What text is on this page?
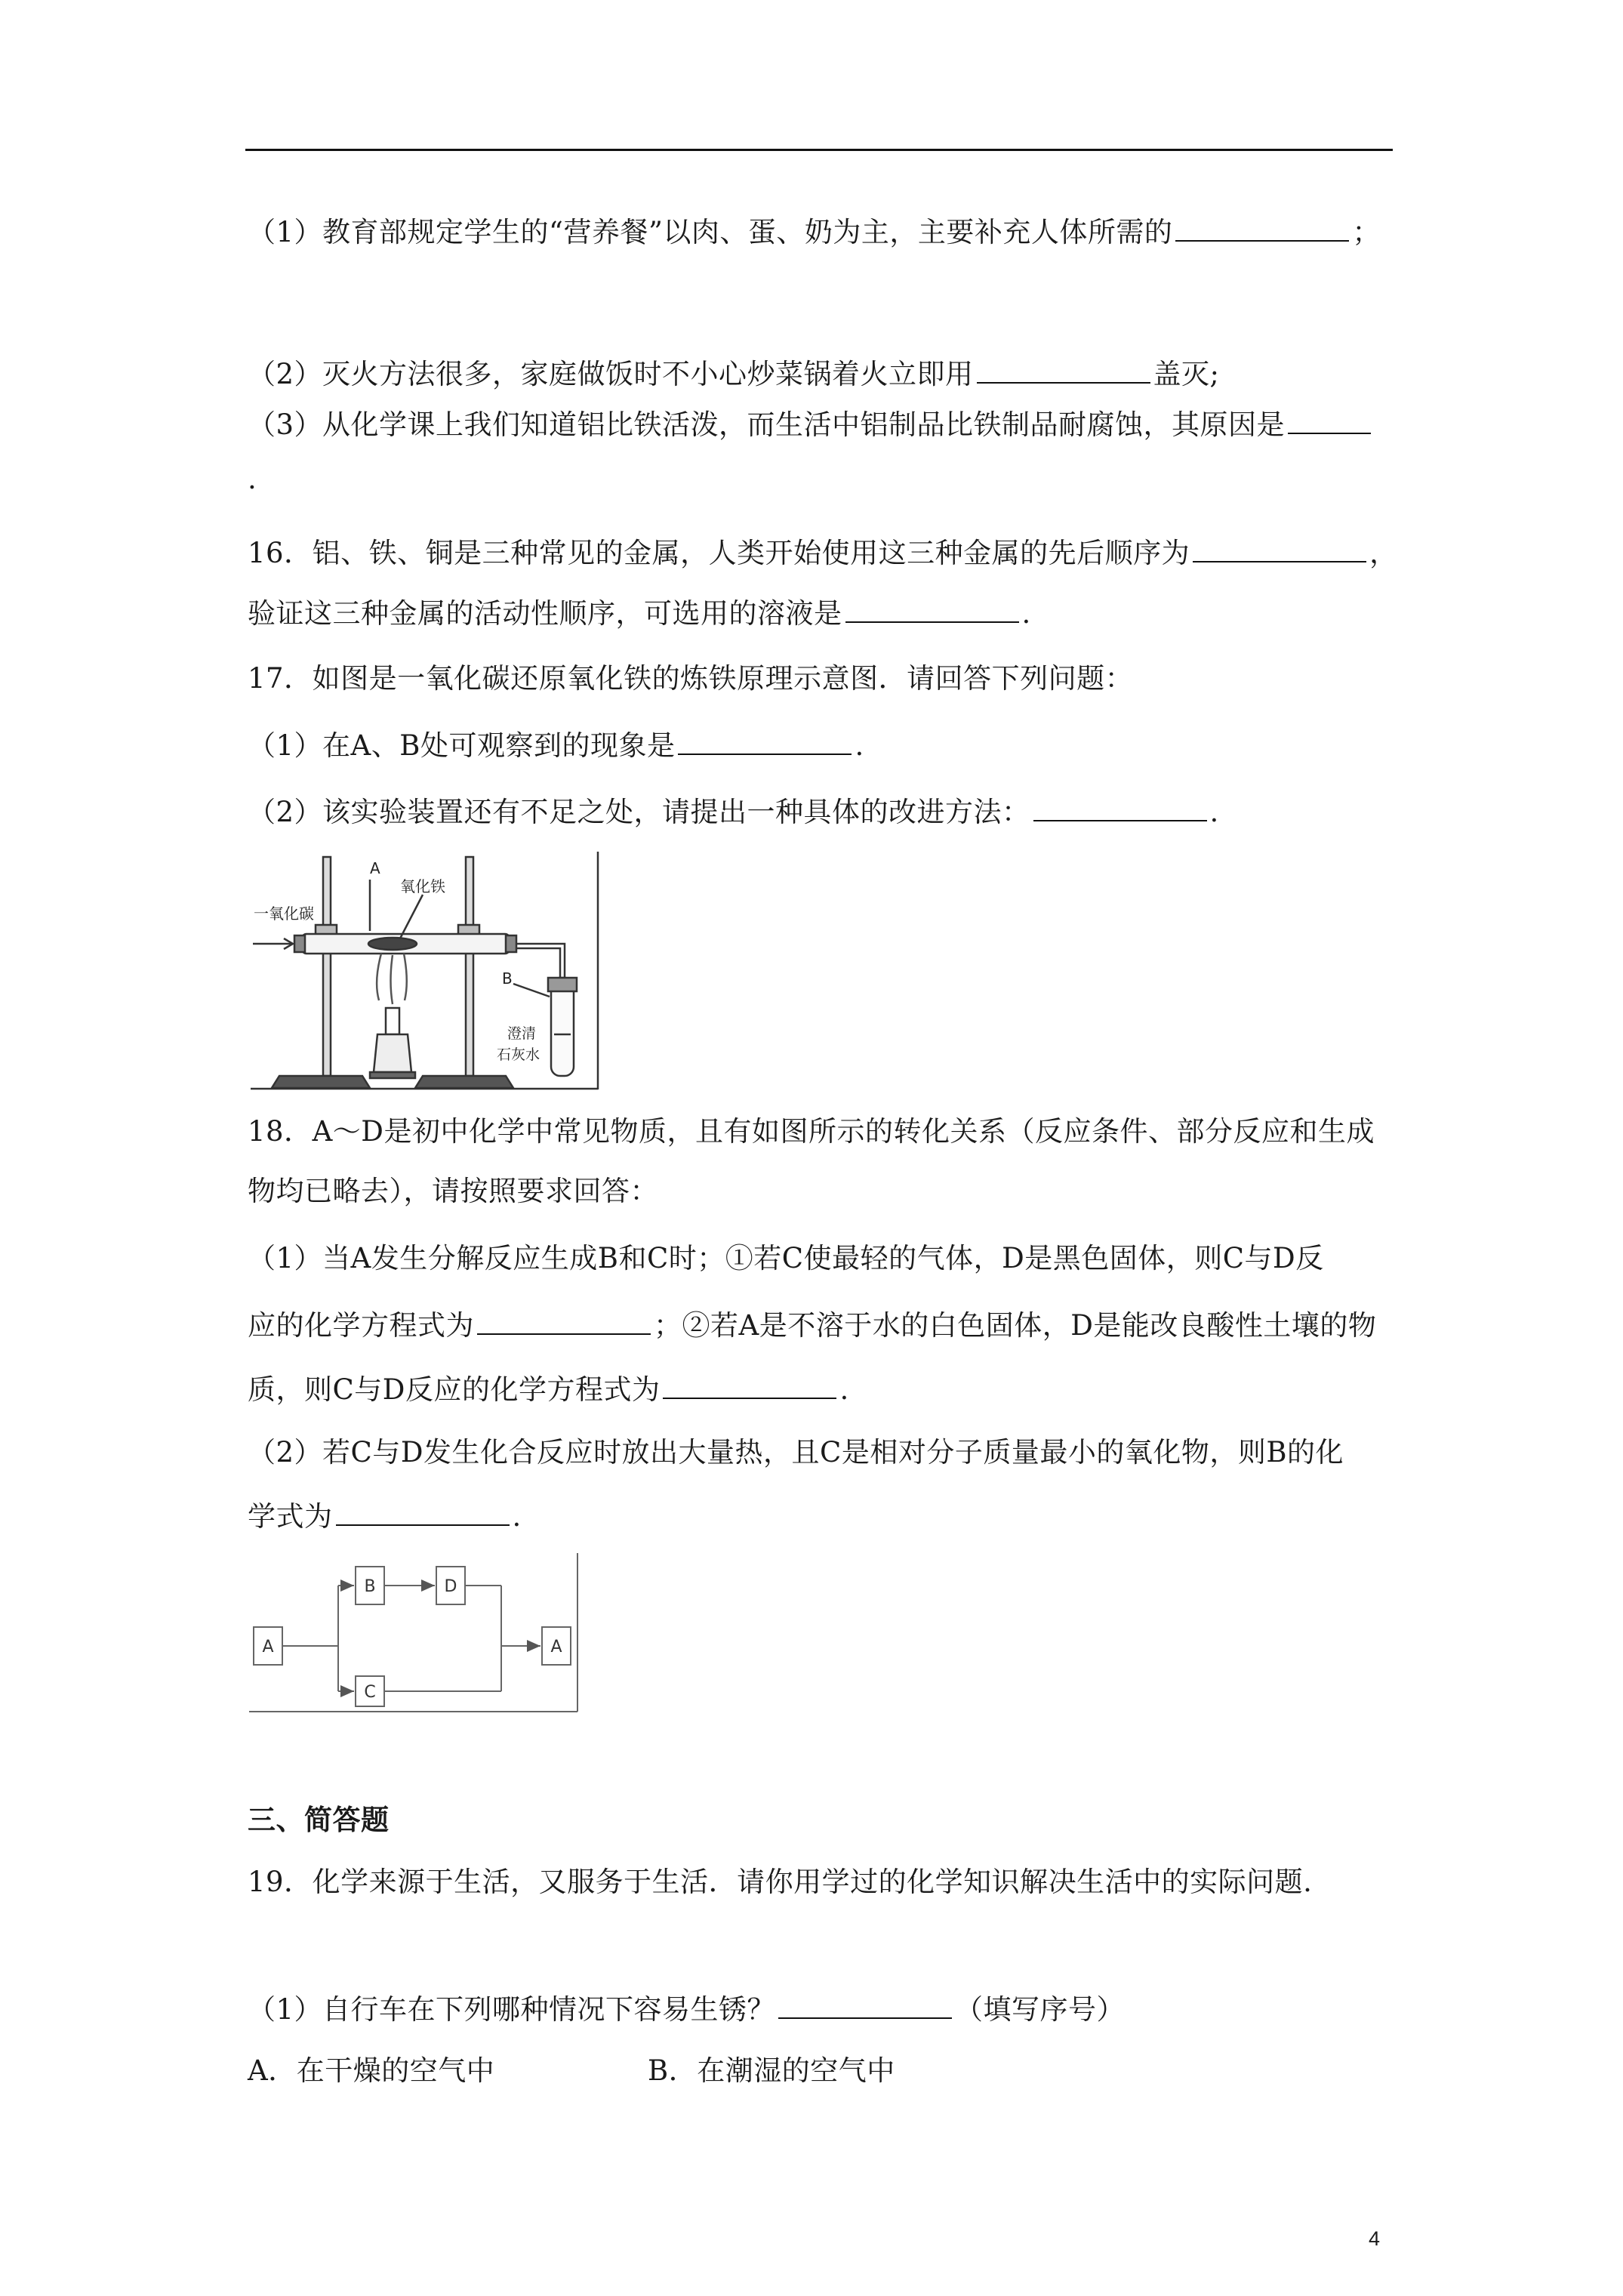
（1）教育部规定学生的“营养餐”以肉、蛋、奶为主，主要补充人体所需的	；
（2）灭火方法很多，家庭做饭时不小心炒菜锅着火立即用	盖灭;
（3）从化学课上我们知道铝比铁活泼，而生活中铝制品比铁制品耐腐蚀，其原因是
.
16．铝、铁、铜是三种常见的金属，人类开始使用这三种金属的先后顺序为	，
验证这三种金属的活动性顺序，可选用的溶液是	.
17．如图是一氧化碳还原氧化铁的炼铁原理示意图．请回答下列问题：
（1）在A、B处可观察到的现象是	.
（2）该实验装置还有不足之处，请提出一种具体的改进方法：	.
一氧化碳
A
氧化铁
B
澄清
石灰水
18．A～D是初中化学中常见物质，且有如图所示的转化关系（反应条件、部分反应和生成
物均已略去），请按照要求回答：
（1）当A发生分解反应生成B和C时；①若C使最轻的气体，D是黑色固体，则C与D反
应的化学方程式为	；②若A是不溶于水的白色固体，D是能改良酸性土壤的物
质，则C与D反应的化学方程式为	.
（2）若C与D发生化合反应时放出大量热，且C是相对分子质量最小的氧化物，则B的化
学式为	.
A
B	D
C
A
三、简答题
19．化学来源于生活，又服务于生活．请你用学过的化学知识解决生活中的实际问题.
（1）自行车在下列哪种情况下容易生锈？	（填写序号）
A．在干燥的空气中	B．在潮湿的空气中
4
